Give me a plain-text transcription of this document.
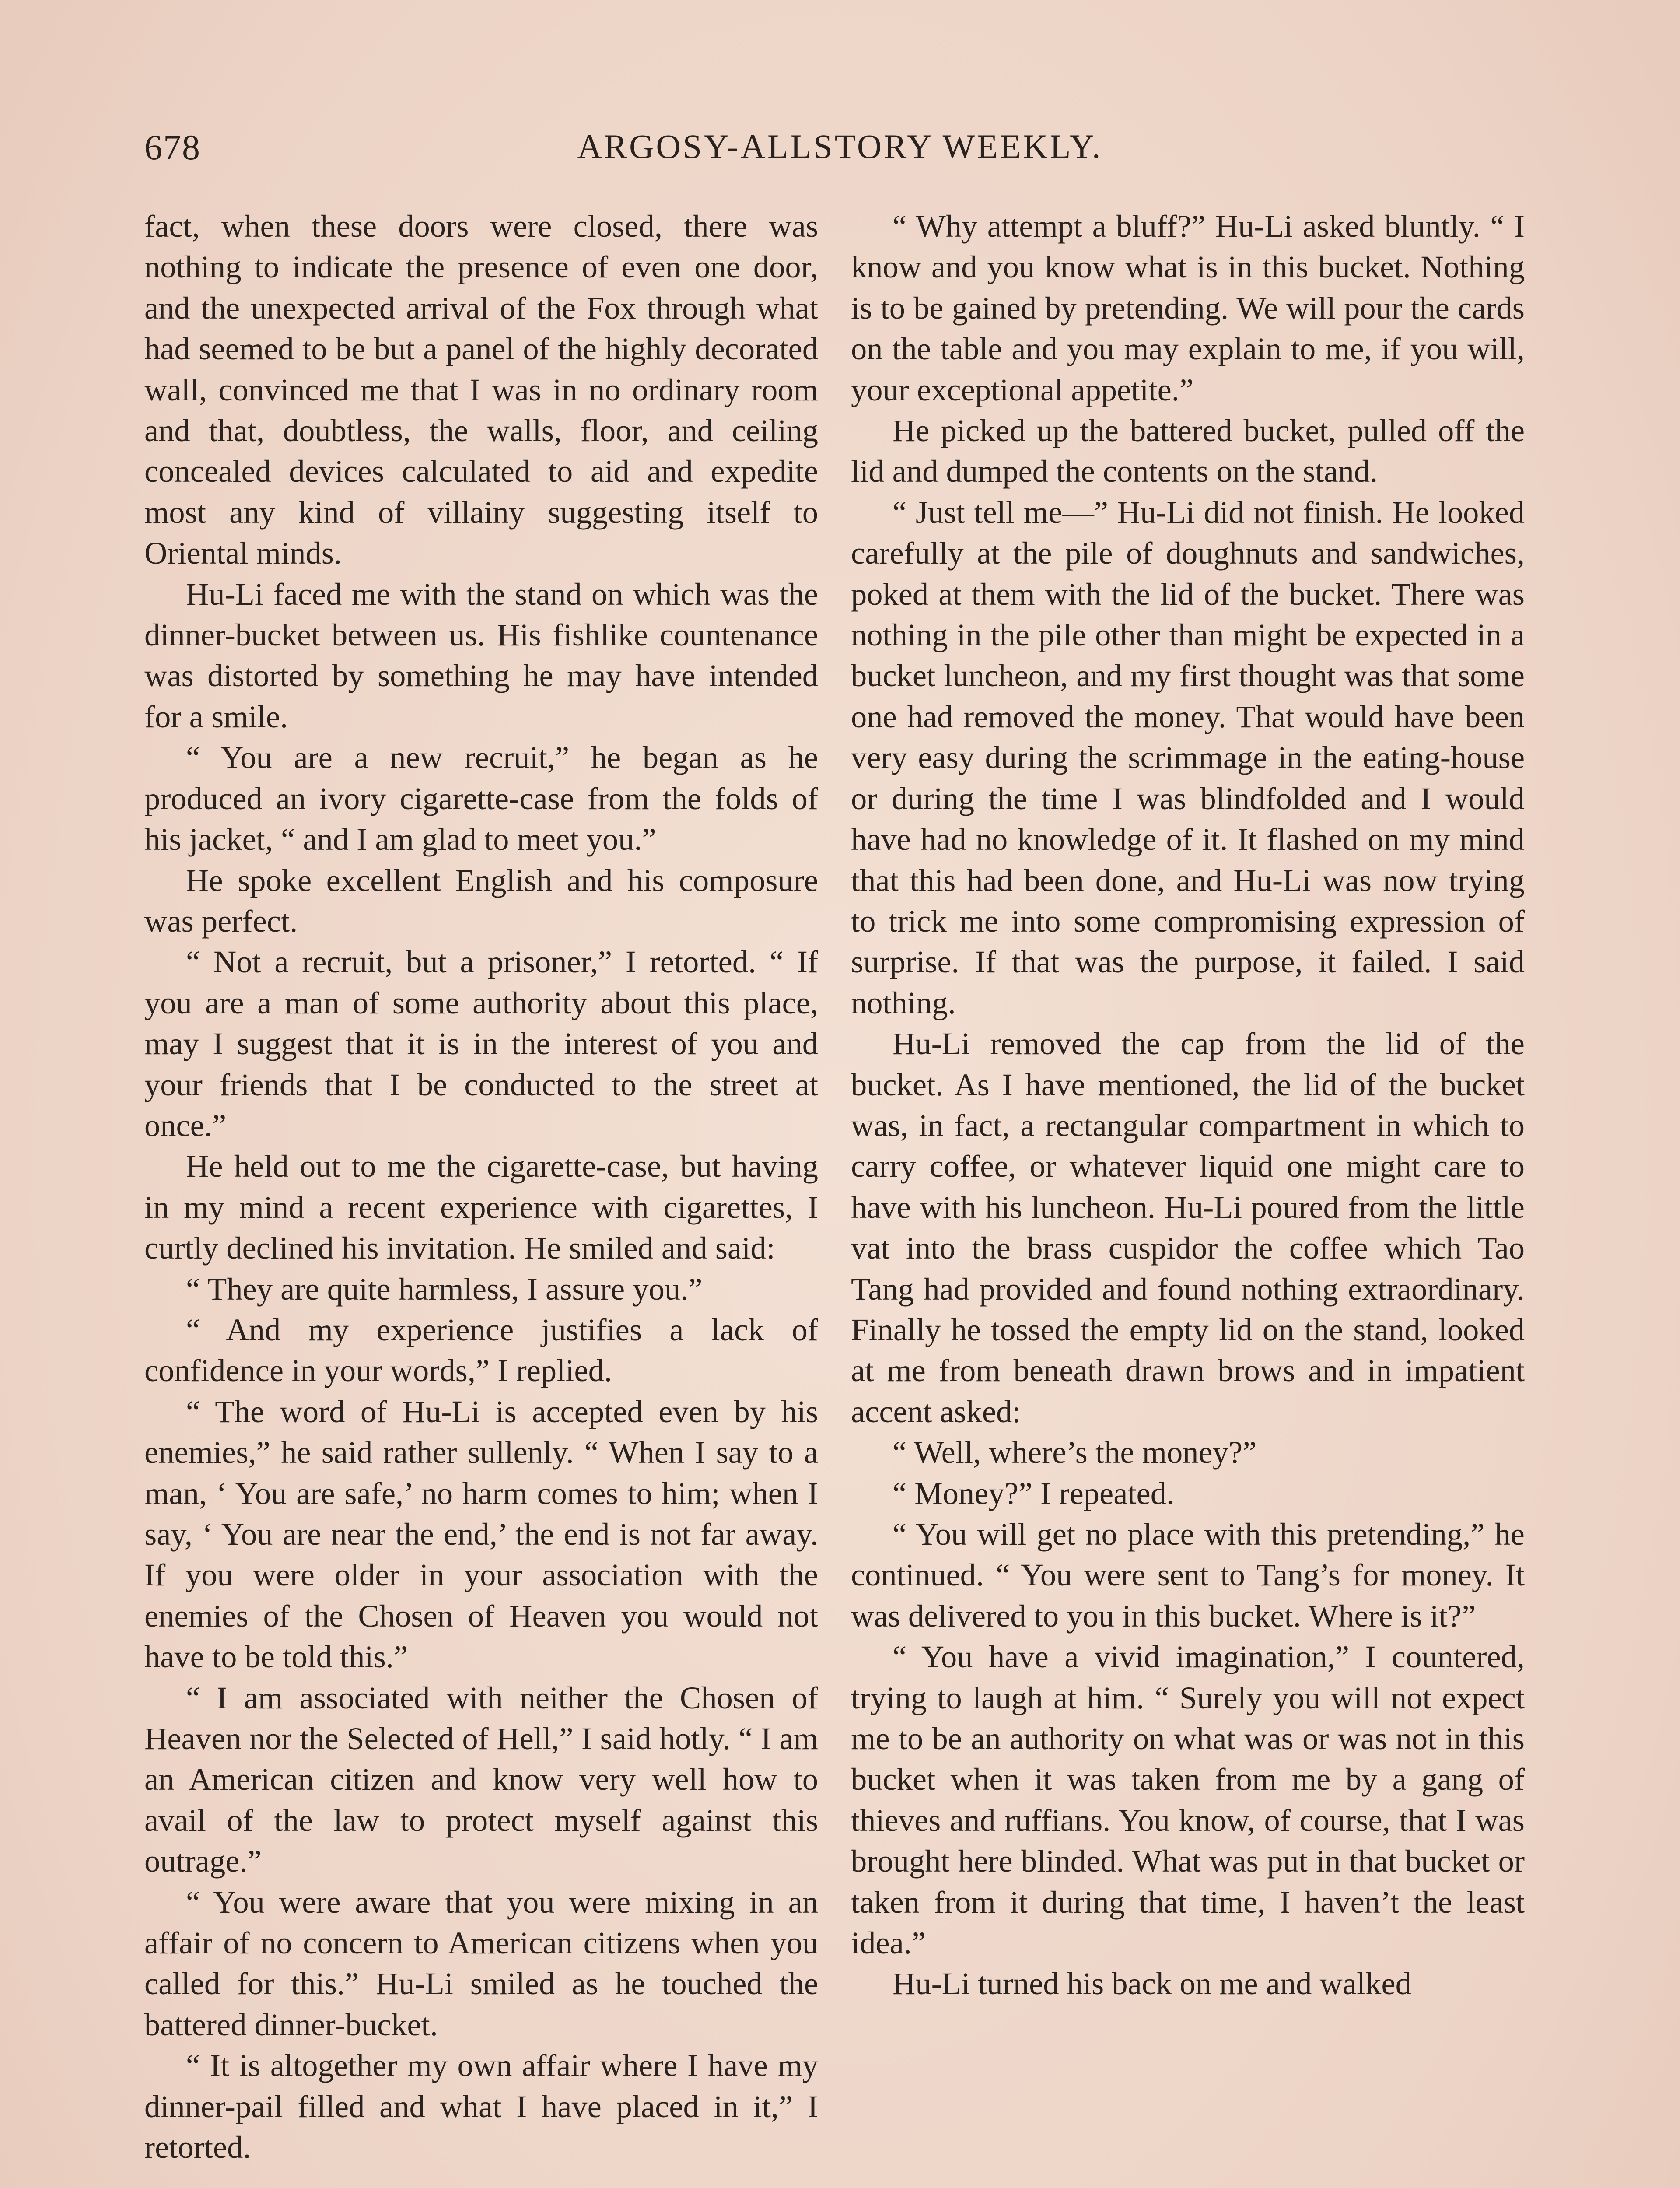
678	ARGOSY-ALLSTORY WEEKLY.

fact, when these doors were closed, there was nothing to indicate the presence of even one door, and the unexpected arrival of the Fox through what had seemed to be but a panel of the highly decorated wall, convinced me that I was in no ordinary room and that, doubtless, the walls, floor, and ceiling concealed devices calculated to aid and expedite most any kind of villainy suggesting itself to Oriental minds.

Hu-Li faced me with the stand on which was the dinner-bucket between us. His fishlike countenance was distorted by something he may have intended for a smile.

“ You are a new recruit,” he began as he produced an ivory cigarette-case from the folds of his jacket, “ and I am glad to meet you.”

He spoke excellent English and his composure was perfect.

“ Not a recruit, but a prisoner,” I retorted. “ If you are a man of some authority about this place, may I suggest that it is in the interest of you and your friends that I be conducted to the street at once.”

He held out to me the cigarette-case, but having in my mind a recent experience with cigarettes, I curtly declined his invitation. He smiled and said:

“ They are quite harmless, I assure you.”

“ And my experience justifies a lack of confidence in your words,” I replied.

“ The word of Hu-Li is accepted even by his enemies,” he said rather sullenly. “ When I say to a man, ‘ You are safe,’ no harm comes to him; when I say, ‘ You are near the end,’ the end is not far away. If you were older in your association with the enemies of the Chosen of Heaven you would not have to be told this.”

“ I am associated with neither the Chosen of Heaven nor the Selected of Hell,” I said hotly. “ I am an American citizen and know very well how to avail of the law to protect myself against this outrage.”

“ You were aware that you were mixing in an affair of no concern to American citizens when you called for this.” Hu-Li smiled as he touched the battered dinner-bucket.

“ It is altogether my own affair where I have my dinner-pail filled and what I have placed in it,” I retorted.

“ Why attempt a bluff?” Hu-Li asked bluntly. “ I know and you know what is in this bucket. Nothing is to be gained by pretending. We will pour the cards on the table and you may explain to me, if you will, your exceptional appetite.”

He picked up the battered bucket, pulled off the lid and dumped the contents on the stand.

“ Just tell me—” Hu-Li did not finish. He looked carefully at the pile of doughnuts and sandwiches, poked at them with the lid of the bucket. There was nothing in the pile other than might be expected in a bucket luncheon, and my first thought was that some one had removed the money. That would have been very easy during the scrimmage in the eating-house or during the time I was blindfolded and I would have had no knowledge of it. It flashed on my mind that this had been done, and Hu-Li was now trying to trick me into some compromising expression of surprise. If that was the purpose, it failed. I said nothing.

Hu-Li removed the cap from the lid of the bucket. As I have mentioned, the lid of the bucket was, in fact, a rectangular compartment in which to carry coffee, or whatever liquid one might care to have with his luncheon. Hu-Li poured from the little vat into the brass cuspidor the coffee which Tao Tang had provided and found nothing extraordinary. Finally he tossed the empty lid on the stand, looked at me from beneath drawn brows and in impatient accent asked:

“ Well, where’s the money?”

“ Money?” I repeated.

“ You will get no place with this pretending,” he continued. “ You were sent to Tang’s for money. It was delivered to you in this bucket. Where is it?”

“ You have a vivid imagination,” I countered, trying to laugh at him. “ Surely you will not expect me to be an authority on what was or was not in this bucket when it was taken from me by a gang of thieves and ruffians. You know, of course, that I was brought here blinded. What was put in that bucket or taken from it during that time, I haven’t the least idea.”

Hu-Li turned his back on me and walked
